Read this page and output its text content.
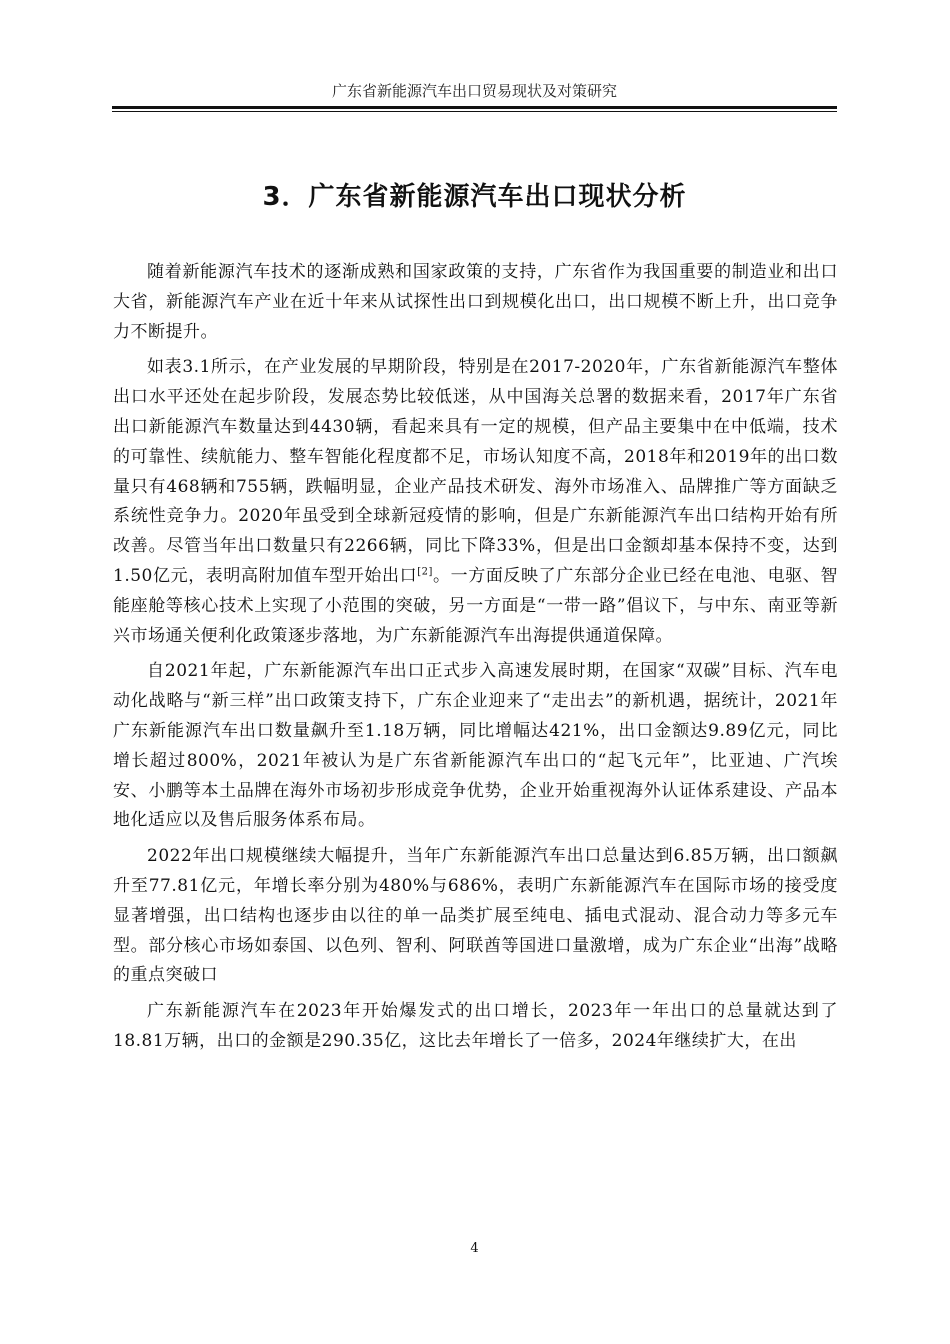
广东省新能源汽车出口贸易现状及对策研究
3．广东省新能源汽车出口现状分析

随着新能源汽车技术的逐渐成熟和国家政策的支持，广东省作为我国重要的制造业和出口大省，新能源汽车产业在近十年来从试探性出口到规模化出口，出口规模不断上升，出口竞争力不断提升。

如表3.1所示，在产业发展的早期阶段，特别是在2017-2020年，广东省新能源汽车整体出口水平还处在起步阶段，发展态势比较低迷，从中国海关总署的数据来看，2017年广东省出口新能源汽车数量达到4430辆，看起来具有一定的规模，但产品主要集中在中低端，技术的可靠性、续航能力、整车智能化程度都不足，市场认知度不高，2018年和2019年的出口数量只有468辆和755辆，跌幅明显，企业产品技术研发、海外市场准入、品牌推广等方面缺乏系统性竞争力。2020年虽受到全球新冠疫情的影响，但是广东新能源汽车出口结构开始有所改善。尽管当年出口数量只有2266辆，同比下降33%，但是出口金额却基本保持不变，达到1.50亿元，表明高附加值车型开始出口[2]。一方面反映了广东部分企业已经在电池、电驱、智能座舱等核心技术上实现了小范围的突破，另一方面是“一带一路”倡议下，与中东、南亚等新兴市场通关便利化政策逐步落地，为广东新能源汽车出海提供通道保障。

自2021年起，广东新能源汽车出口正式步入高速发展时期，在国家“双碳”目标、汽车电动化战略与“新三样”出口政策支持下，广东企业迎来了“走出去”的新机遇，据统计，2021年广东新能源汽车出口数量飙升至1.18万辆，同比增幅达421%，出口金额达9.89亿元，同比增长超过800%，2021年被认为是广东省新能源汽车出口的“起飞元年”，比亚迪、广汽埃安、小鹏等本土品牌在海外市场初步形成竞争优势，企业开始重视海外认证体系建设、产品本地化适应以及售后服务体系布局。

2022年出口规模继续大幅提升，当年广东新能源汽车出口总量达到6.85万辆，出口额飙升至77.81亿元，年增长率分别为480%与686%，表明广东新能源汽车在国际市场的接受度显著增强，出口结构也逐步由以往的单一品类扩展至纯电、插电式混动、混合动力等多元车型。部分核心市场如泰国、以色列、智利、阿联酋等国进口量激增，成为广东企业“出海”战略的重点突破口

广东新能源汽车在2023年开始爆发式的出口增长，2023年一年出口的总量就达到了18.81万辆，出口的金额是290.35亿，这比去年增长了一倍多，2024年继续扩大，在出

4
